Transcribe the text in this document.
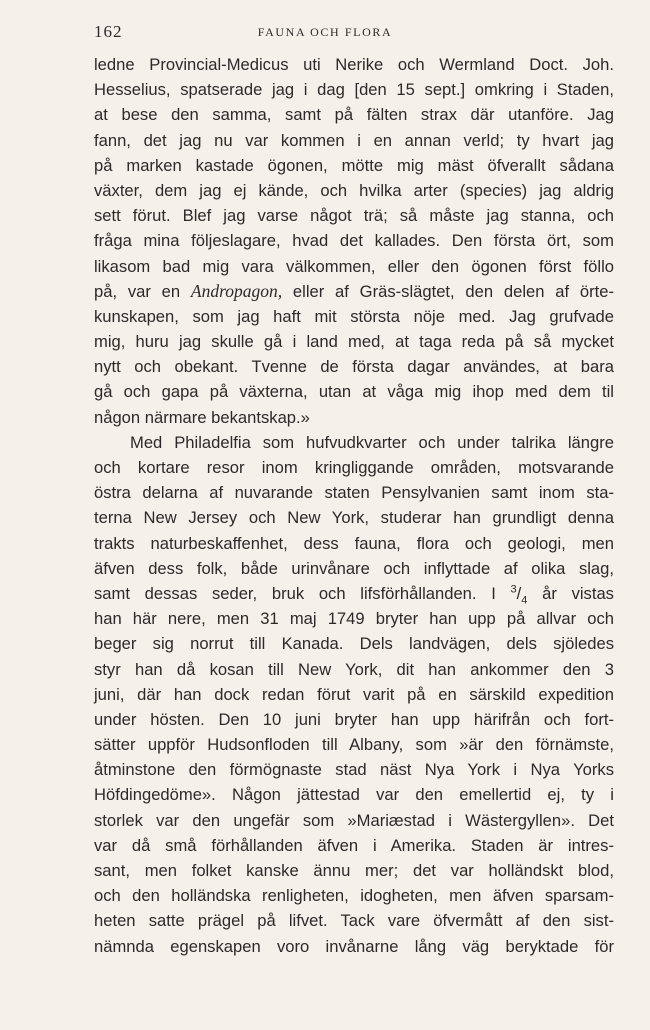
162	FAUNA OCH FLORA
ledne Provincial-Medicus uti Nerike och Wermland Doct. Joh.
Hesselius, spatserade jag i dag [den 15 sept.] omkring i Staden,
at bese den samma, samt på fälten strax där utanföre. Jag
fann, det jag nu var kommen i en annan verld; ty hvart jag
på marken kastade ögonen, mötte mig mäst öfverallt sådana
växter, dem jag ej kände, och hvilka arter (species) jag aldrig
sett förut. Blef jag varse något trä; så måste jag stanna, och
fråga mina följeslagare, hvad det kallades. Den första ört, som
likasom bad mig vara välkommen, eller den ögonen först föllo
på, var en Andropagon, eller af Gräs-slägtet, den delen af örte-
kunskapen, som jag haft mit största nöje med. Jag grufvade
mig, huru jag skulle gå i land med, at taga reda på så mycket
nytt och obekant. Tvenne de första dagar användes, at bara
gå och gapa på växterna, utan at våga mig ihop med dem til
någon närmare bekantskap.»
Med Philadelfia som hufvudkvarter och under talrika längre
och kortare resor inom kringliggande områden, motsvarande
östra delarna af nuvarande staten Pensylvanien samt inom sta-
terna New Jersey och New York, studerar han grundligt denna
trakts naturbeskaffenhet, dess fauna, flora och geologi, men
äfven dess folk, både urinvånare och inflyttade af olika slag,
samt dessas seder, bruk och lifsförhållanden. I $^3/_4$ år vistas
han här nere, men 31 maj 1749 bryter han upp på allvar och
beger sig norrut till Kanada. Dels landvägen, dels sjöledes
styr han då kosan till New York, dit han ankommer den 3
juni, där han dock redan förut varit på en särskild expedition
under hösten. Den 10 juni bryter han upp härifrån och fort-
sätter uppför Hudsonfloden till Albany, som »är den förnämste,
åtminstone den förmögnaste stad näst Nya York i Nya Yorks
Höfdingedöme». Någon jättestad var den emellertid ej, ty i
storlek var den ungefär som »Mariæstad i Wästergyllen». Det
var då små förhållanden äfven i Amerika. Staden är intres-
sant, men folket kanske ännu mer; det var holländskt blod,
och den holländska renligheten, idogheten, men äfven sparsam-
heten satte prägel på lifvet. Tack vare öfvermått af den sist-
nämnda egenskapen voro invånarne lång väg beryktade för
